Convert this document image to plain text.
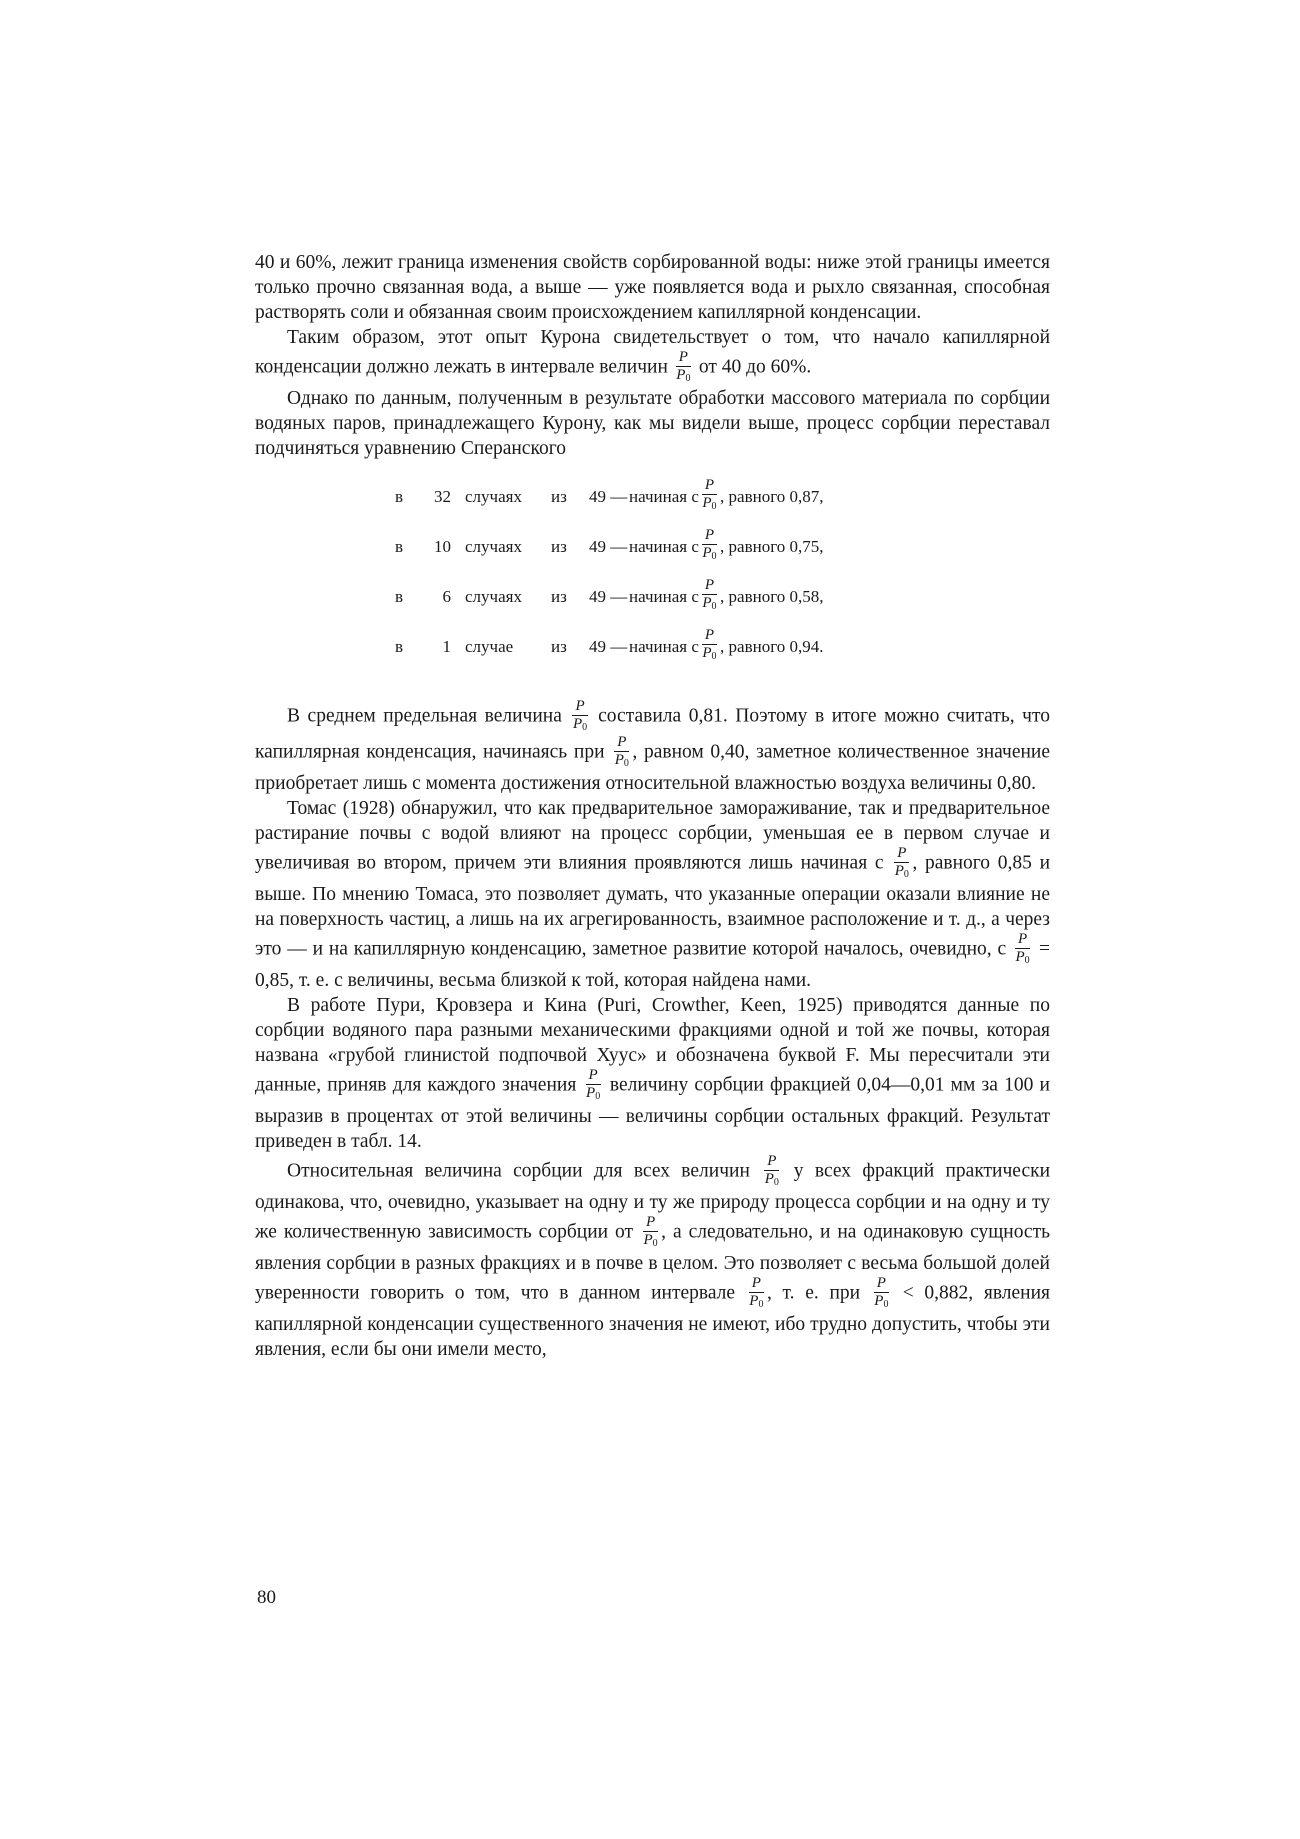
40 и 60%, лежит граница изменения свойств сорбированной воды: ниже этой границы имеется только прочно связанная вода, а выше — уже появляется вода и рыхло связанная, способная растворять соли и обязанная своим происхождением капиллярной конденсации.

Таким образом, этот опыт Курона свидетельствует о том, что начало капиллярной конденсации должно лежать в интервале величин $\frac{P}{P_0}$ от 40 до 60%.

Однако по данным, полученным в результате обработки массового материала по сорбции водяных паров, принадлежащего Курону, как мы видели выше, процесс сорбции переставал подчиняться уравнению Сперанского

в	32 случаях	из	49 — начиная с $\frac{P}{P_0}$ , равного 0,87,
в	10 случаях	из	49 — начиная с $\frac{P}{P_0}$ , равного 0,75,
в	6 случаях	из	49 — начиная с $\frac{P}{P_0}$ , равного 0,58,
в	1 случае	из	49 — начиная с $\frac{P}{P_0}$ , равного 0,94.

В среднем предельная величина $\frac{P}{P_0}$ составила 0,81. Поэтому в итоге можно считать, что капиллярная конденсация, начинаясь при $\frac{P}{P_0}$ , равном 0,40, заметное количественное значение приобретает лишь с момента достижения относительной влажностью воздуха величины 0,80.

Томас (1928) обнаружил, что как предварительное замораживание, так и предварительное растирание почвы с водой влияют на процесс сорбции, уменьшая ее в первом случае и увеличивая во втором, причем эти влияния проявляются лишь начиная с $\frac{P}{P_0}$ , равного 0,85 и выше. По мнению Томаса, это позволяет думать, что указанные операции оказали влияние не на поверхность частиц, а лишь на их агрегированность, взаимное расположение и т. д., а через это — и на капиллярную конденсацию, заметное развитие которой началось, очевидно, с $\frac{P}{P_0} = 0,85$, т. е. с величины, весьма близкой к той, которая найдена нами.

В работе Пури, Кровзера и Кина (Puri, Crowther, Keen, 1925) приводятся данные по сорбции водяного пара разными механическими фракциями одной и той же почвы, которая названа «грубой глинистой подпочвой Хуус» и обозначена буквой F. Мы пересчитали эти данные, приняв для каждого значения $\frac{P}{P_0}$ величину сорбции фракцией 0,04—0,01 мм за 100 и выразив в процентах от этой величины — величины сорбции остальных фракций. Результат приведен в табл. 14.

Относительная величина сорбции для всех величин $\frac{P}{P_0}$ у всех фракций практически одинакова, что, очевидно, указывает на одну и ту же природу процесса сорбции и на одну и ту же количественную зависимость сорбции от $\frac{P}{P_0}$ , а следовательно, и на одинаковую сущность явления сорбции в разных фракциях и в почве в целом. Это позволяет с весьма большой долей уверенности говорить о том, что в данном интервале $\frac{P}{P_0}$ , т. е. при $\frac{P}{P_0} < 0,882$, явления капиллярной конденсации существенного значения не имеют, ибо трудно допустить, чтобы эти явления, если бы они имели место,

80
